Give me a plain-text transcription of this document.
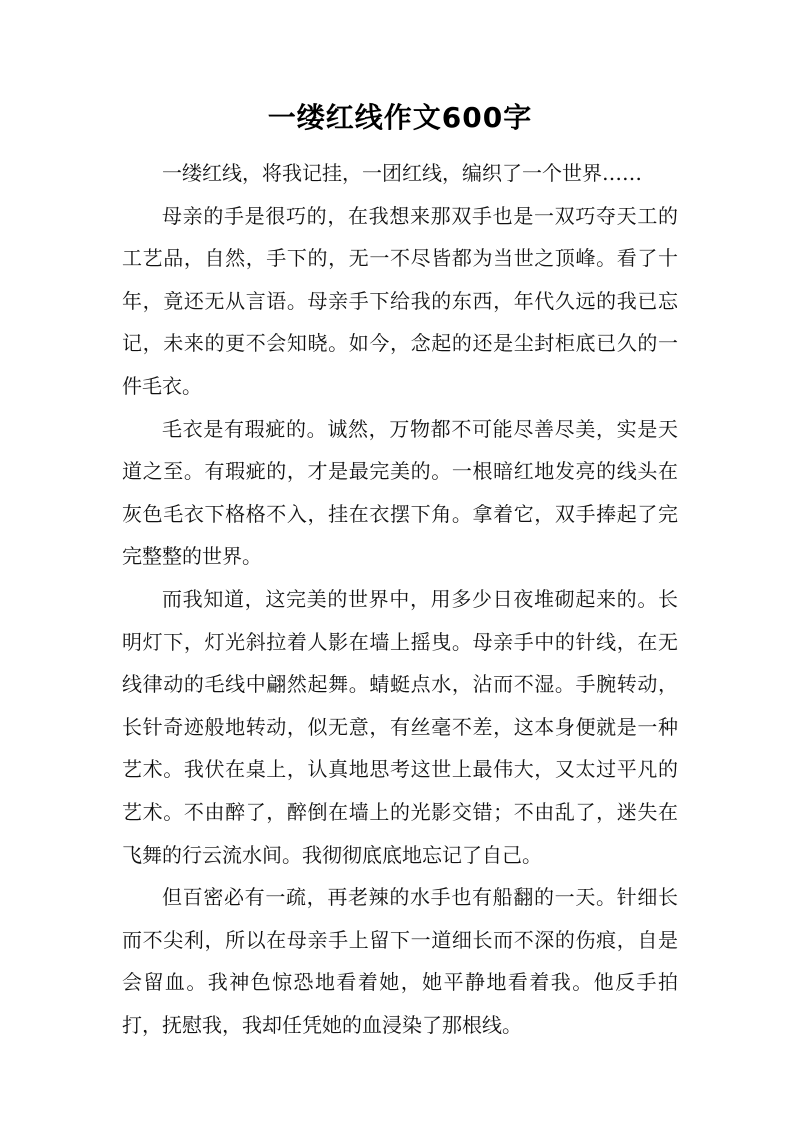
一缕红线作文600字

一缕红线，将我记挂，一团红线，编织了一个世界……

母亲的手是很巧的，在我想来那双手也是一双巧夺天工的工艺品，自然，手下的，无一不尽皆都为当世之顶峰。看了十年，竟还无从言语。母亲手下给我的东西，年代久远的我已忘记，未来的更不会知晓。如今，念起的还是尘封柜底已久的一件毛衣。

毛衣是有瑕疵的。诚然，万物都不可能尽善尽美，实是天道之至。有瑕疵的，才是最完美的。一根暗红地发亮的线头在灰色毛衣下格格不入，挂在衣摆下角。拿着它，双手捧起了完完整整的世界。

而我知道，这完美的世界中，用多少日夜堆砌起来的。长明灯下，灯光斜拉着人影在墙上摇曳。母亲手中的针线，在无线律动的毛线中翩然起舞。蜻蜓点水，沾而不湿。手腕转动，长针奇迹般地转动，似无意，有丝毫不差，这本身便就是一种艺术。我伏在桌上，认真地思考这世上最伟大，又太过平凡的艺术。不由醉了，醉倒在墙上的光影交错；不由乱了，迷失在飞舞的行云流水间。我彻彻底底地忘记了自己。

但百密必有一疏，再老辣的水手也有船翻的一天。针细长而不尖利，所以在母亲手上留下一道细长而不深的伤痕，自是会留血。我神色惊恐地看着她，她平静地看着我。他反手拍打，抚慰我，我却任凭她的血浸染了那根线。
